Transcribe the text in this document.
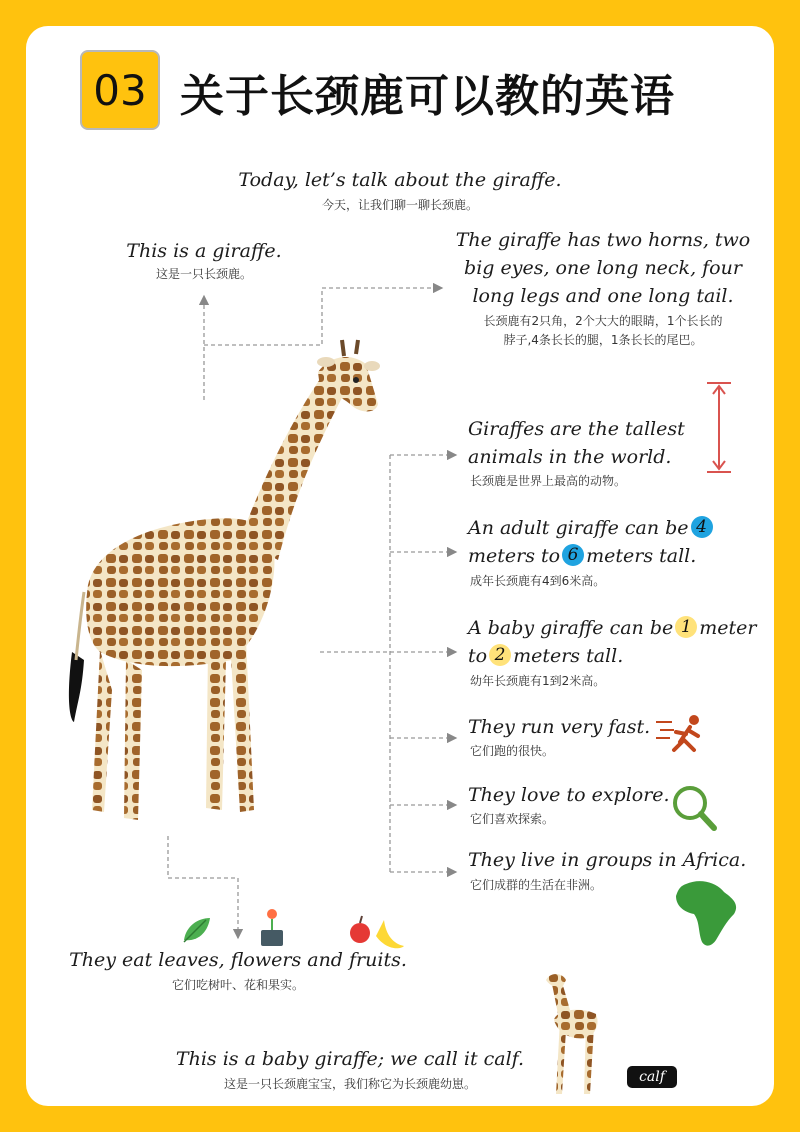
03 关于长颈鹿可以教的英语
Today, let’s talk about the giraffe.
今天，让我们聊一聊长颈鹿。
This is a giraffe.
这是一只长颈鹿。
The giraffe has two horns, two
big eyes, one long neck, four
long legs and one long tail.
长颈鹿有2只角，2个大大的眼睛，1个长长的
脖子,4条长长的腿，1条长长的尾巴。
Giraffes are the tallest
animals in the world.
长颈鹿是世界上最高的动物。
An adult giraffe can be 4
meters to 6 meters tall.
成年长颈鹿有4到6米高。
A baby giraffe can be 1 meter
to 2 meters tall.
幼年长颈鹿有1到2米高。
They run very fast.
它们跑的很快。
They love to explore.
它们喜欢探索。
They live in groups in Africa.
它们成群的生活在非洲。
They eat leaves, flowers and fruits.
它们吃树叶、花和果实。
This is a baby giraffe; we call it calf.
这是一只长颈鹿宝宝，我们称它为长颈鹿幼崽。	calf
